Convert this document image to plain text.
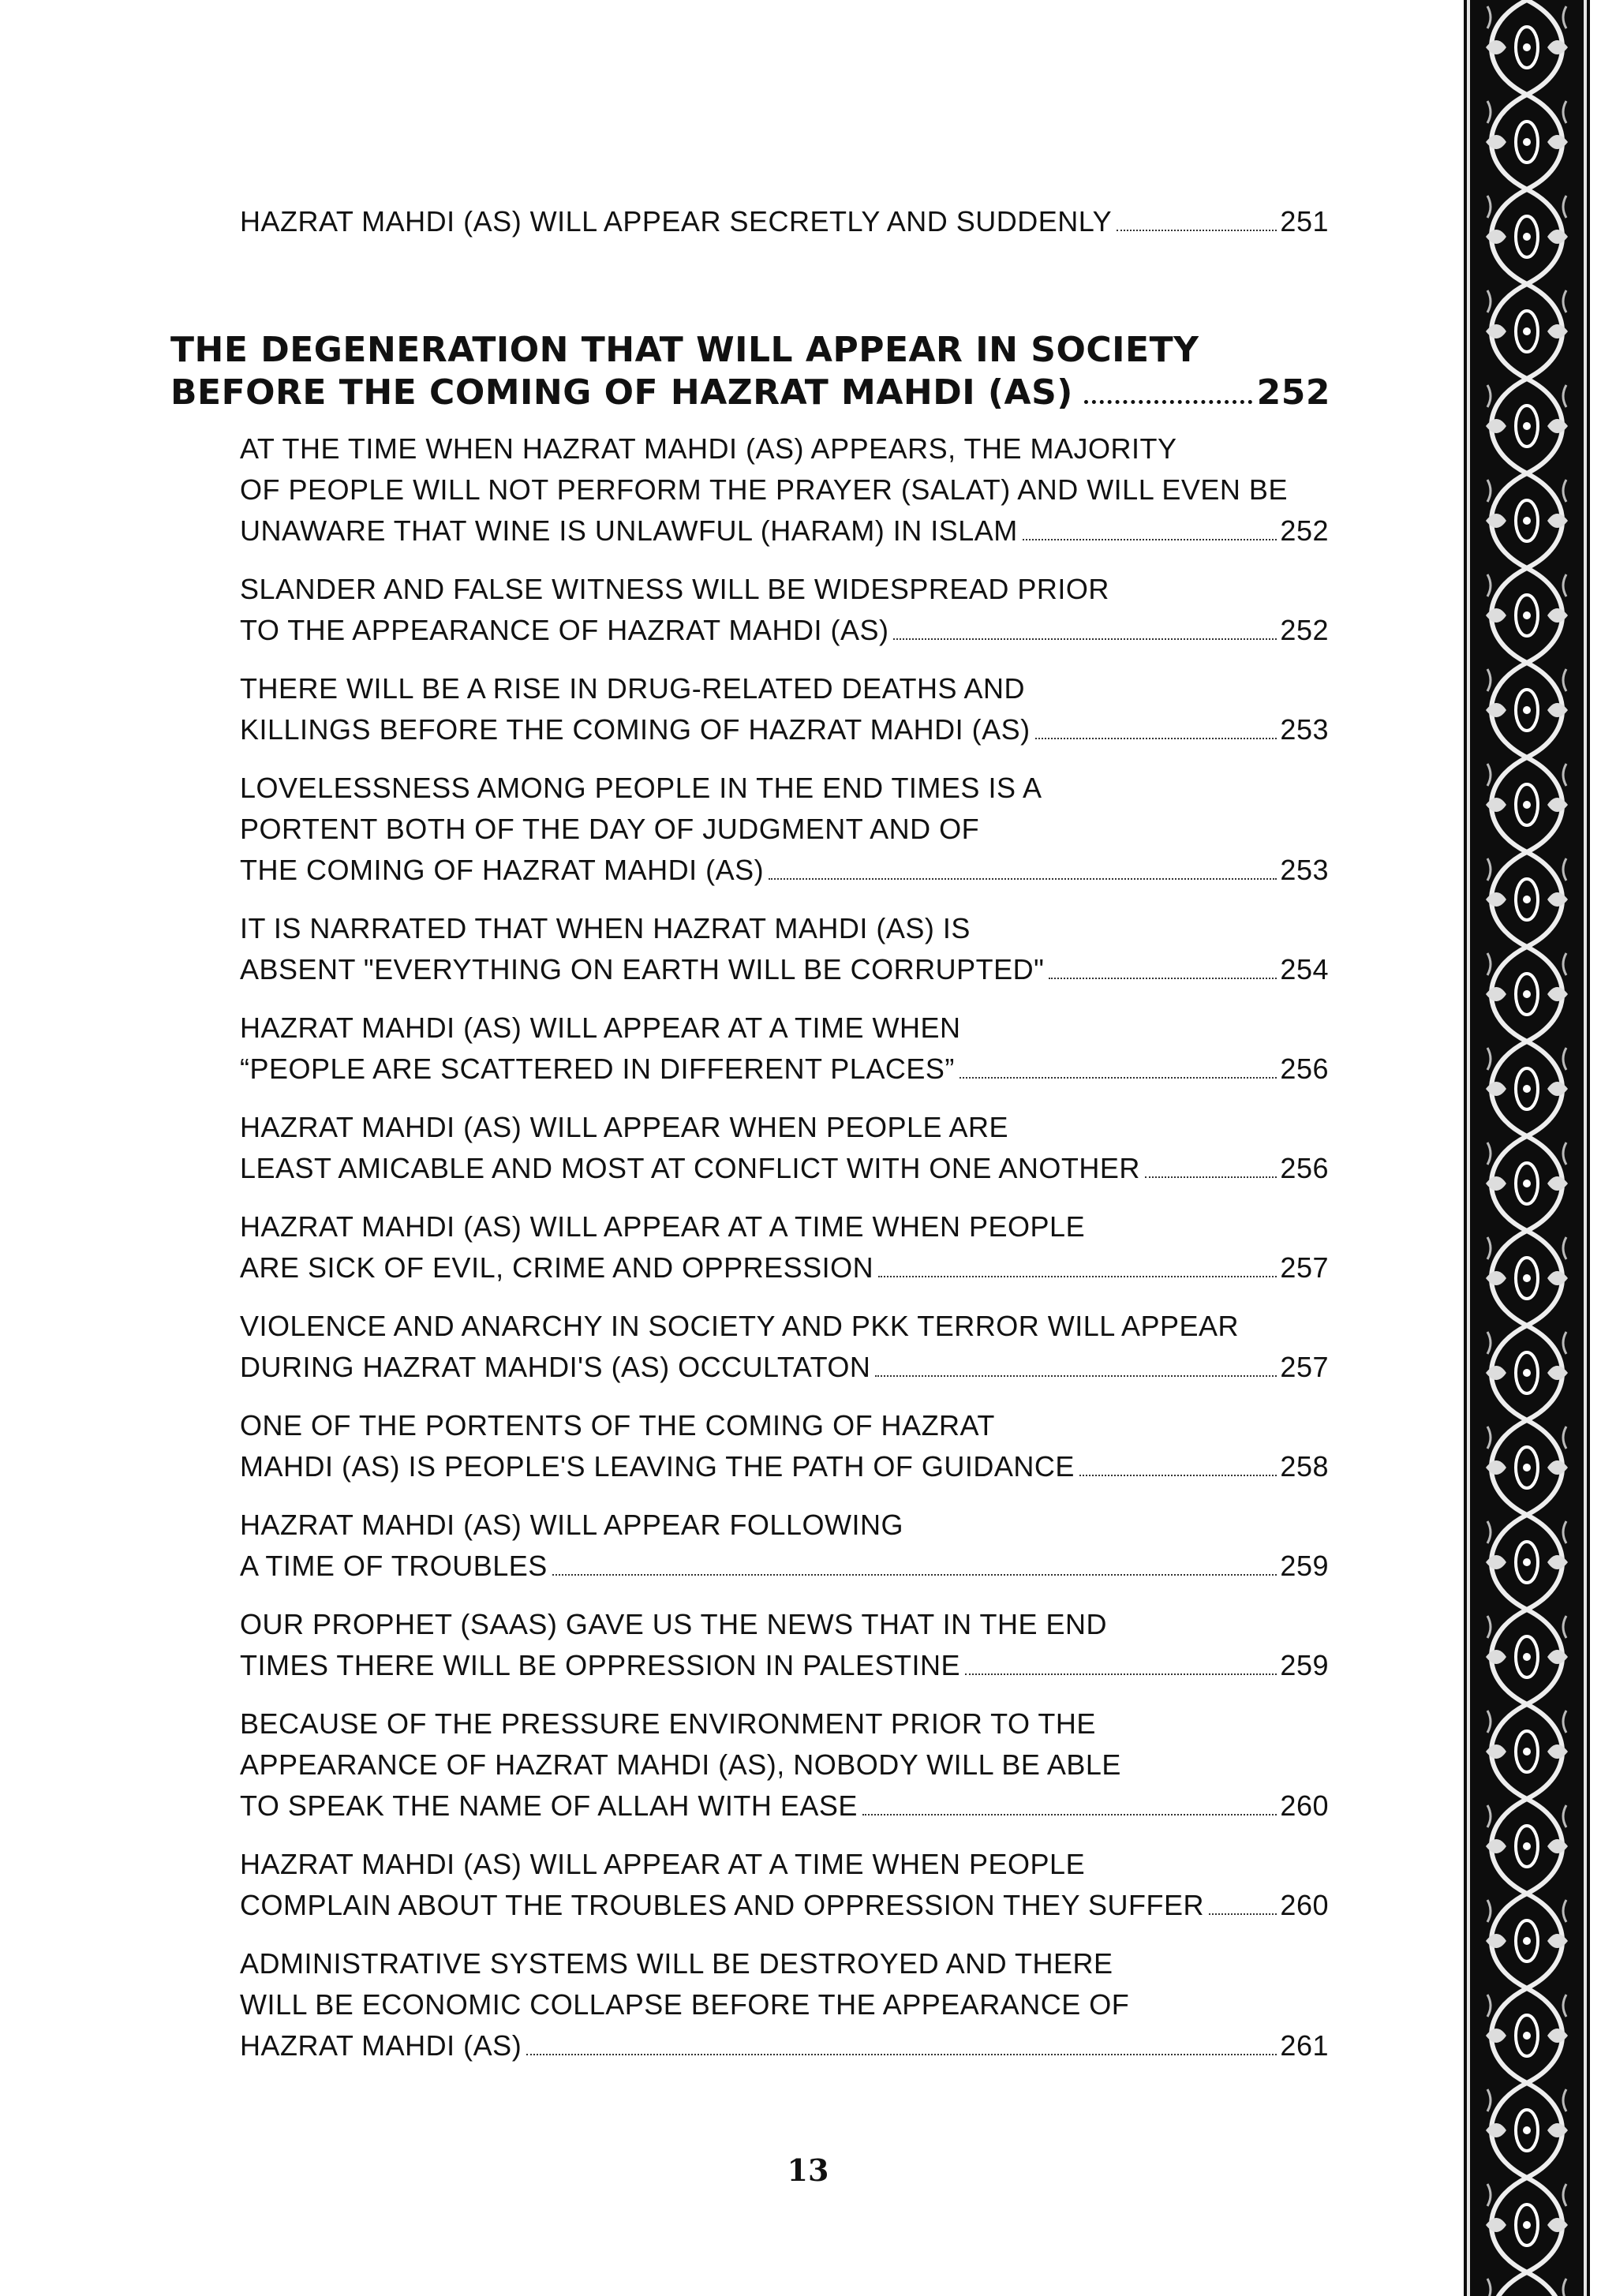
HAZRAT MAHDI (AS) WILL APPEAR SECRETLY AND SUDDENLY	251
THE DEGENERATION THAT WILL APPEAR IN SOCIETY
BEFORE THE COMING OF HAZRAT MAHDI (AS)	252
AT THE TIME WHEN HAZRAT MAHDI (AS) APPEARS, THE MAJORITY
OF PEOPLE WILL NOT PERFORM THE PRAYER (SALAT) AND WILL EVEN BE
UNAWARE THAT WINE IS UNLAWFUL (HARAM) IN ISLAM	252
SLANDER AND FALSE WITNESS WILL BE WIDESPREAD PRIOR
TO THE APPEARANCE OF HAZRAT MAHDI (AS)	252
THERE WILL BE A RISE IN DRUG-RELATED DEATHS AND
KILLINGS BEFORE THE COMING OF HAZRAT MAHDI (AS)	253
LOVELESSNESS AMONG PEOPLE IN THE END TIMES IS A
PORTENT BOTH OF THE DAY OF JUDGMENT AND OF
THE COMING OF HAZRAT MAHDI (AS)	253
IT IS NARRATED THAT WHEN HAZRAT MAHDI (AS) IS
ABSENT "EVERYTHING ON EARTH WILL BE CORRUPTED"	254
HAZRAT MAHDI (AS) WILL APPEAR AT A TIME WHEN
“PEOPLE ARE SCATTERED IN DIFFERENT PLACES”	256
HAZRAT MAHDI (AS) WILL APPEAR WHEN PEOPLE ARE
LEAST AMICABLE AND MOST AT CONFLICT WITH ONE ANOTHER	256
HAZRAT MAHDI (AS) WILL APPEAR AT A TIME WHEN PEOPLE
ARE SICK OF EVIL, CRIME AND OPPRESSION	257
VIOLENCE AND ANARCHY IN SOCIETY AND PKK TERROR WILL APPEAR
DURING HAZRAT MAHDI'S (AS) OCCULTATON	257
ONE OF THE PORTENTS OF THE COMING OF HAZRAT
MAHDI (AS) IS PEOPLE'S LEAVING THE PATH OF GUIDANCE	258
HAZRAT MAHDI (AS) WILL APPEAR FOLLOWING
A TIME OF TROUBLES	259
OUR PROPHET (SAAS) GAVE US THE NEWS THAT IN THE END
TIMES THERE WILL BE OPPRESSION IN PALESTINE	259
BECAUSE OF THE PRESSURE ENVIRONMENT PRIOR TO THE
APPEARANCE OF HAZRAT MAHDI (AS), NOBODY WILL BE ABLE
TO SPEAK THE NAME OF ALLAH WITH EASE	260
HAZRAT MAHDI (AS) WILL APPEAR AT A TIME WHEN PEOPLE
COMPLAIN ABOUT THE TROUBLES AND OPPRESSION THEY SUFFER	260
ADMINISTRATIVE SYSTEMS WILL BE DESTROYED AND THERE
WILL BE ECONOMIC COLLAPSE BEFORE THE APPEARANCE OF
HAZRAT MAHDI (AS)	261
13
